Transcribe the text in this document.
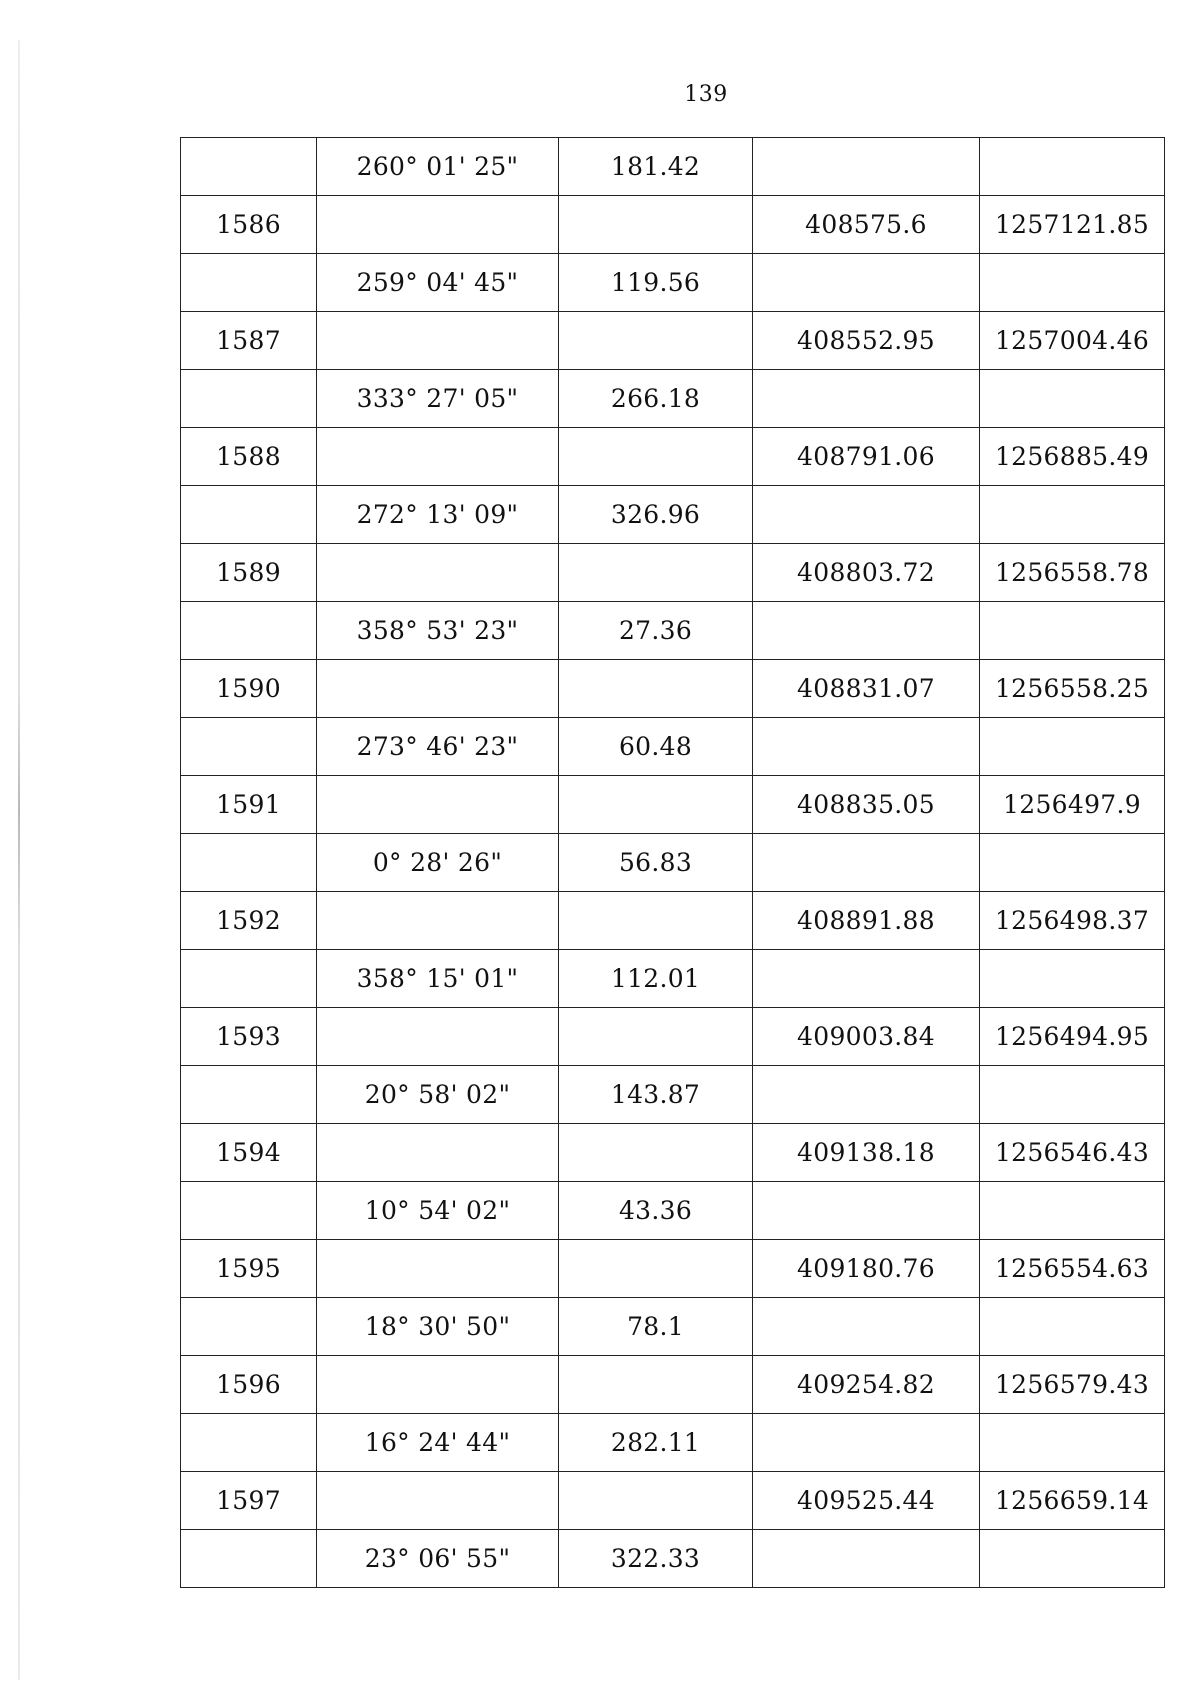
139
	260° 01' 25"	181.42		
1586			408575.6	1257121.85
	259° 04' 45"	119.56		
1587			408552.95	1257004.46
	333° 27' 05"	266.18		
1588			408791.06	1256885.49
	272° 13' 09"	326.96		
1589			408803.72	1256558.78
	358° 53' 23"	27.36		
1590			408831.07	1256558.25
	273° 46' 23"	60.48		
1591			408835.05	1256497.9
	0° 28' 26"	56.83		
1592			408891.88	1256498.37
	358° 15' 01"	112.01		
1593			409003.84	1256494.95
	20° 58' 02"	143.87		
1594			409138.18	1256546.43
	10° 54' 02"	43.36		
1595			409180.76	1256554.63
	18° 30' 50"	78.1		
1596			409254.82	1256579.43
	16° 24' 44"	282.11		
1597			409525.44	1256659.14
	23° 06' 55"	322.33		
